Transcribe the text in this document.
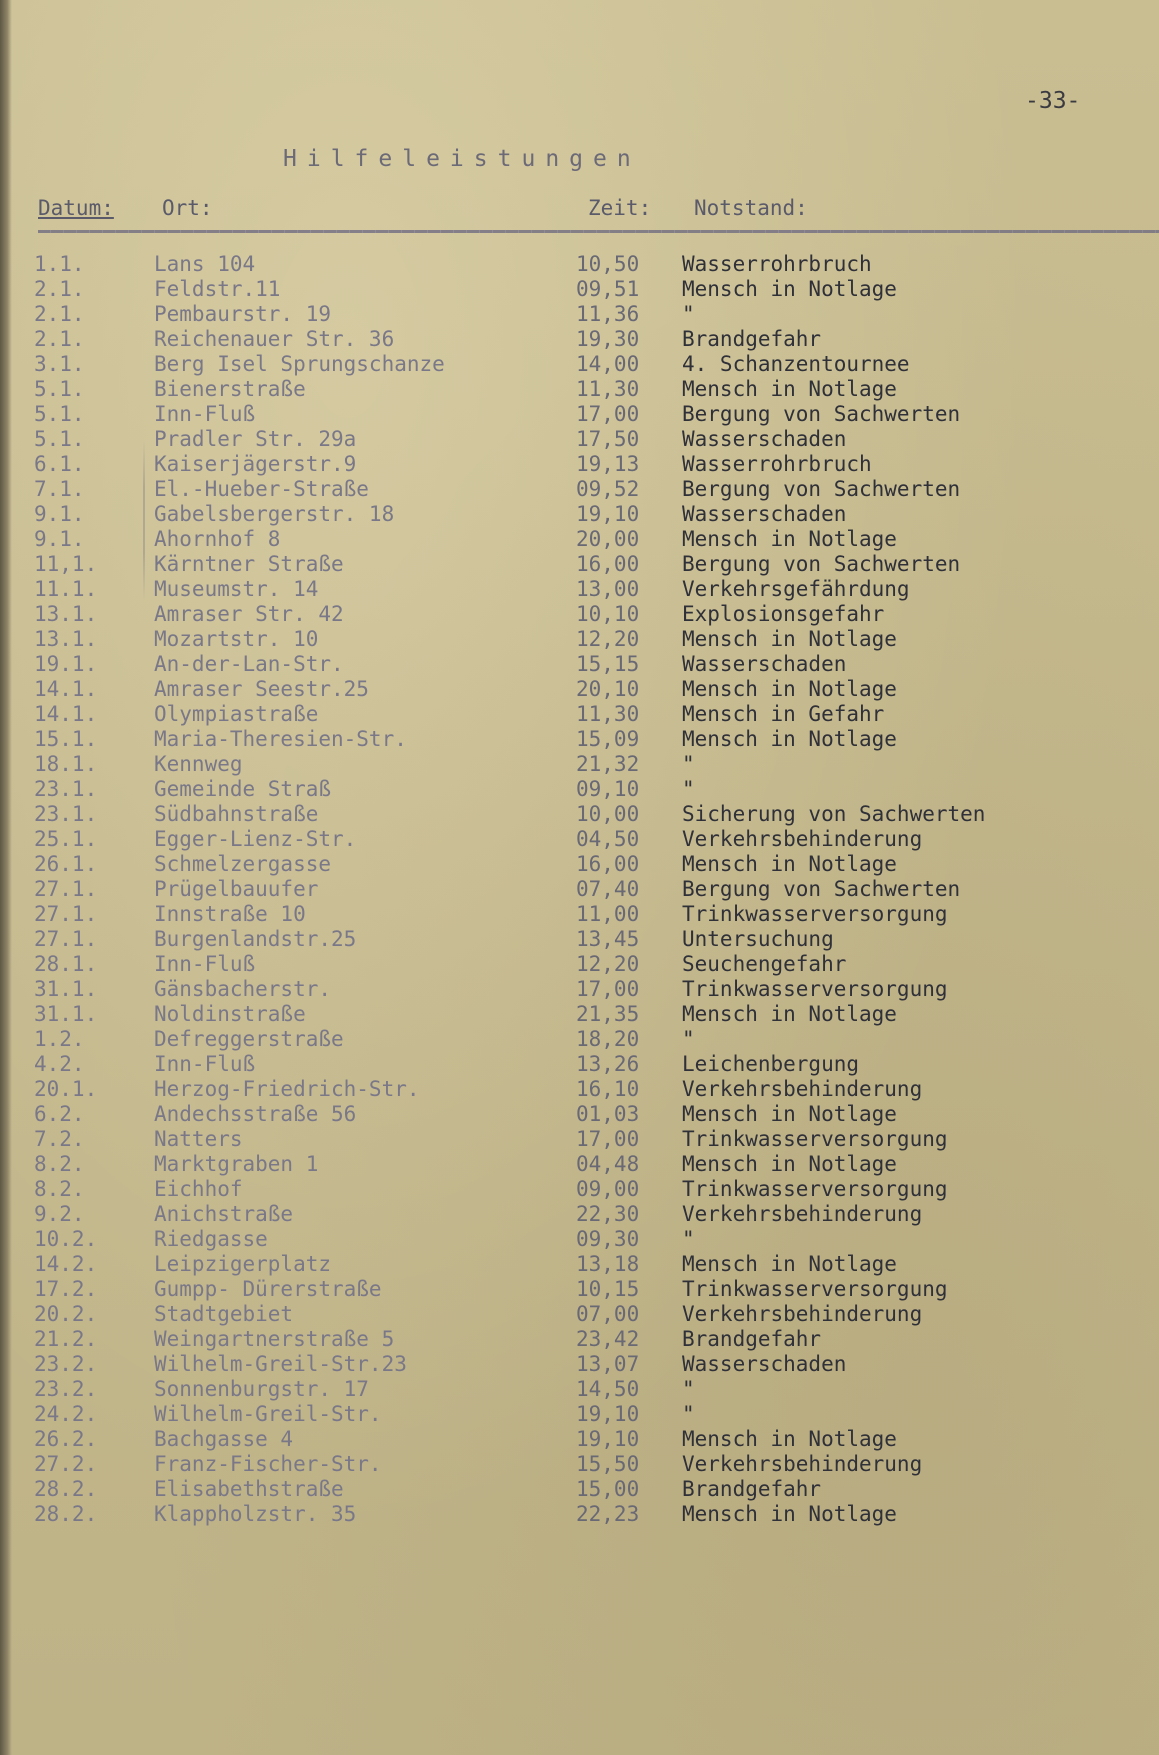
-33-
Hilfeleistungen
Datum: Ort:	Zeit: Notstand:
1.1.	Lans 104	10,50 Wasserrohrbruch
2.1.	Feldstr.11	09,51 Mensch in Notlage
2.1.	Pembaurstr. 19	11,36 "
2.1.	Reichenauer Str. 36	19,30 Brandgefahr
3.1.	Berg Isel Sprungschanze	14,00 4. Schanzentournee
5.1.	Bienerstraße	11,30 Mensch in Notlage
5.1.	Inn-Fluß	17,00 Bergung von Sachwerten
5.1.	Pradler Str. 29a	17,50 Wasserschaden
6.1.	Kaiserjägerstr.9	19,13 Wasserrohrbruch
7.1.	El.-Hueber-Straße	09,52 Bergung von Sachwerten
9.1.	Gabelsbergerstr. 18	19,10 Wasserschaden
9.1.	Ahornhof 8	20,00 Mensch in Notlage
11,1.	Kärntner Straße	16,00 Bergung von Sachwerten
11.1.	Museumstr. 14	13,00 Verkehrsgefährdung
13.1.	Amraser Str. 42	10,10 Explosionsgefahr
13.1.	Mozartstr. 10	12,20 Mensch in Notlage
19.1.	An-der-Lan-Str.	15,15 Wasserschaden
14.1.	Amraser Seestr.25	20,10 Mensch in Notlage
14.1.	Olympiastraße	11,30 Mensch in Gefahr
15.1.	Maria-Theresien-Str.	15,09 Mensch in Notlage
18.1.	Kennweg	21,32 "
23.1.	Gemeinde Straß	09,10 "
23.1.	Südbahnstraße	10,00 Sicherung von Sachwerten
25.1.	Egger-Lienz-Str.	04,50 Verkehrsbehinderung
26.1.	Schmelzergasse	16,00 Mensch in Notlage
27.1.	Prügelbauufer	07,40 Bergung von Sachwerten
27.1.	Innstraße 10	11,00 Trinkwasserversorgung
27.1.	Burgenlandstr.25	13,45 Untersuchung
28.1.	Inn-Fluß	12,20 Seuchengefahr
31.1.	Gänsbacherstr.	17,00 Trinkwasserversorgung
31.1.	Noldinstraße	21,35 Mensch in Notlage
1.2.	Defreggerstraße	18,20 "
4.2.	Inn-Fluß	13,26 Leichenbergung
20.1.	Herzog-Friedrich-Str.	16,10 Verkehrsbehinderung
6.2.	Andechsstraße 56	01,03 Mensch in Notlage
7.2.	Natters	17,00 Trinkwasserversorgung
8.2.	Marktgraben 1	04,48 Mensch in Notlage
8.2.	Eichhof	09,00 Trinkwasserversorgung
9.2.	Anichstraße	22,30 Verkehrsbehinderung
10.2.	Riedgasse	09,30 "
14.2.	Leipzigerplatz	13,18 Mensch in Notlage
17.2.	Gumpp- Dürerstraße	10,15 Trinkwasserversorgung
20.2.	Stadtgebiet	07,00 Verkehrsbehinderung
21.2.	Weingartnerstraße 5	23,42 Brandgefahr
23.2.	Wilhelm-Greil-Str.23	13,07 Wasserschaden
23.2.	Sonnenburgstr. 17	14,50 "
24.2.	Wilhelm-Greil-Str.	19,10 "
26.2.	Bachgasse 4	19,10 Mensch in Notlage
27.2.	Franz-Fischer-Str.	15,50 Verkehrsbehinderung
28.2.	Elisabethstraße	15,00 Brandgefahr
28.2.	Klappholzstr. 35	22,23 Mensch in Notlage
